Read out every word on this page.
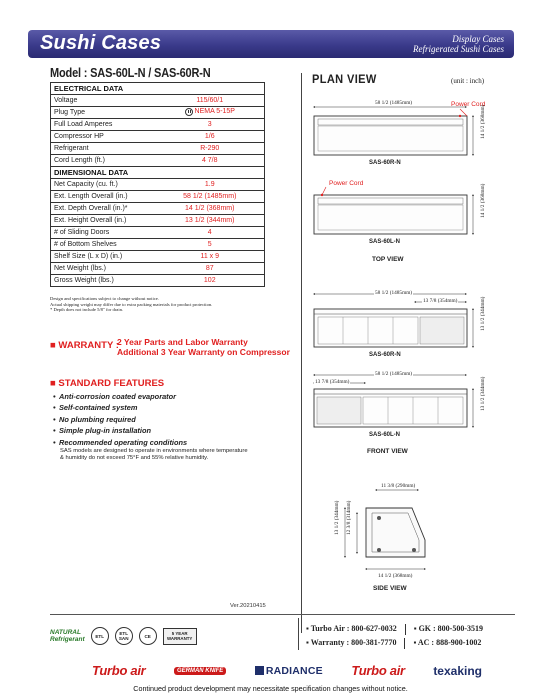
Sushi Cases	Display Cases
Refrigerated Sushi Cases
Model : SAS-60L-N / SAS-60R-N
ELECTRICAL DATA	
Voltage	115/60/1
Plug Type	NEMA 5-15P

Full Load Amperes	3
Compressor HP	1/6
Refrigerant	R-290
Cord Length (ft.)	4 7/8
DIMENSIONAL DATA	
Net Capacity (cu. ft.)	1.9
Ext. Length Overall (in.)	58 1/2 (1485mm)
Ext. Depth Overall (in.)*	14 1/2 (368mm)
Ext. Height Overall (in.)	13 1/2 (344mm)
# of Sliding Doors	4
# of Bottom Shelves	5
Shelf Size (L x D) (in.)	11 x 9
Net Weight (lbs.)	87
Gross Weight (lbs.)	102
Design and specifications subject to change without notice.
Actual shipping weight may differ due to extra packing materials for product protection.
* Depth does not include 5/8" for drain.
■ WARRANTY :
2 Year Parts and Labor Warranty
Additional 3 Year Warranty on Compressor
■ STANDARD FEATURES
• Anti-corrosion coated evaporator
• Self-contained system
• No plumbing required
• Simple plug-in installation
• Recommended operating conditions
SAS models are designed to operate in environments where temperature
& humidity do not exceed 75°F and 55% relative humidity.
Ver.20210415
PLAN VIEW	(unit : inch)
58 1/2 (1485mm)	Power Cord
14 1/2 (368mm)
SAS-60R-N
Power Cord
14 1/2 (368mm)
SAS-60L-N
TOP VIEW
58 1/2 (1485mm)
13 7/8 (354mm)	13 1/2 (344mm)
SAS-60R-N
58 1/2 (1485mm)
13 7/8 (354mm)	13 1/2 (344mm)
SAS-60L-N
FRONT VIEW
11 3/8 (290mm)
13 1/2 (344mm) 12 3/8 (314mm)
14 1/2 (368mm)
SIDE VIEW
NATURAL
Refrigerant	ETL	ETL SAN	CE	5 YEAR WARRANTY
▪ Turbo Air : 800-627-0032 ▪ GK : 800-500-3519
▪ Warranty : 800-381-7770 ▪ AC : 888-900-1002
Turbo air	GERMAN KNIFE	RADIANCE Turbo air texaking
Continued product development may necessitate specification changes without notice.
